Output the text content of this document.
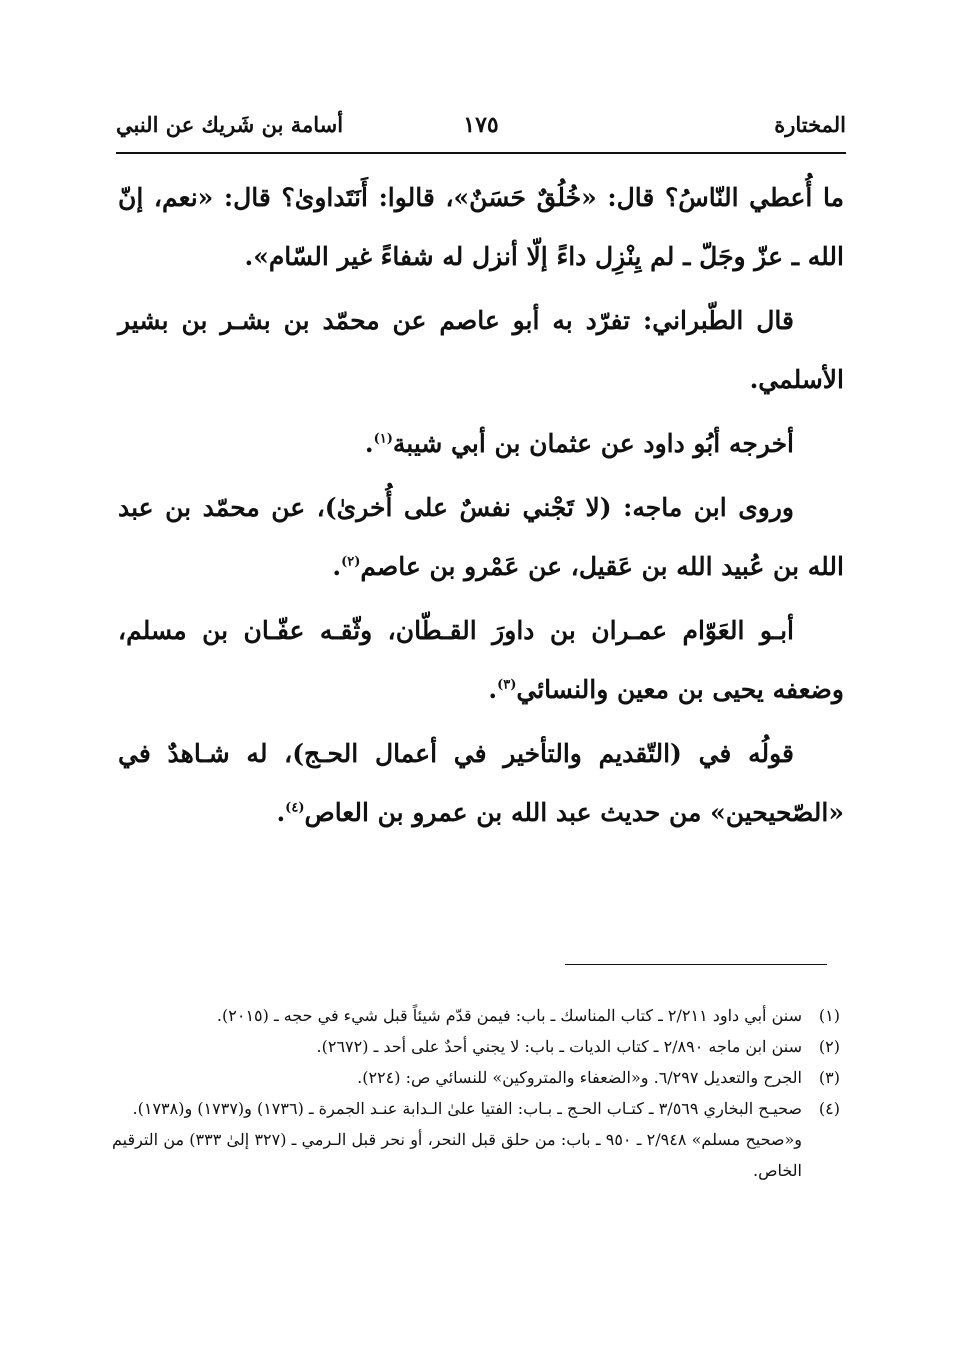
المختارة
١٧٥
أسامة بن شَريك عن النبي

ما أُعطي النّاسُ؟ قال: «خُلُقٌ حَسَنٌ»، قالوا: أَنَتَداوىٰ؟ قال: «نعم، إنّ الله ـ عزّ وجَلّ ـ لم يِنْزِل داءً إلّا أنزل له شفاءً غير السّام».

قال الطّبراني: تفرّد به أبو عاصم عن محمّد بن بشـر بن بشير الأسلمي.

أخرجه أبُو داود عن عثمان بن أبي شيبة$^{(١)}$.

وروى ابن ماجه: (لا تَجْني نفسٌ على أُخرىٰ)، عن محمّد بن عبد الله بن عُبيد الله بن عَقيل، عن عَمْرو بن عاصم$^{(٢)}$.

أبـو العَوّام عمـران بن داورَ القـطّان، وثّقـه عفّـان بن مسلم، وضعفه يحيى بن معين والنسائي$^{(٣)}$.

قولُه في (التّقديم والتأخير في أعمال الحـج)، له شـاهدٌ في «الصّحيحين» من حديث عبد الله بن عمرو بن العاص$^{(٤)}$.

(١)
سنن أبي داود ٢/٢١١ ـ كتاب المناسك ـ باب: فيمن قدّم شيئاً قبل شيء في حجه ـ (٢٠١٥).

(٢)
سنن ابن ماجه ٢/٨٩٠ ـ كتاب الديات ـ باب: لا يجني أحدٌ على أحد ـ (٢٦٧٢).

(٣)
الجرح والتعديل ٦/٢٩٧. و«الضعفاء والمتروكين» للنسائي ص: (٢٢٤).

(٤)
صحيـح البخاري ٣/٥٦٩ ـ كتـاب الحـج ـ بـاب: الفتيا علىٰ الـدابة عنـد الجمرة ـ (١٧٣٦) و(١٧٣٧) و(١٧٣٨).

و«صحيح مسلم» ٢/٩٤٨ ـ ٩٥٠ ـ باب: من حلق قبل النحر، أو نحر قبل الـرمي ـ (٣٢٧ إلىٰ ٣٣٣) من الترقيم الخاص.
